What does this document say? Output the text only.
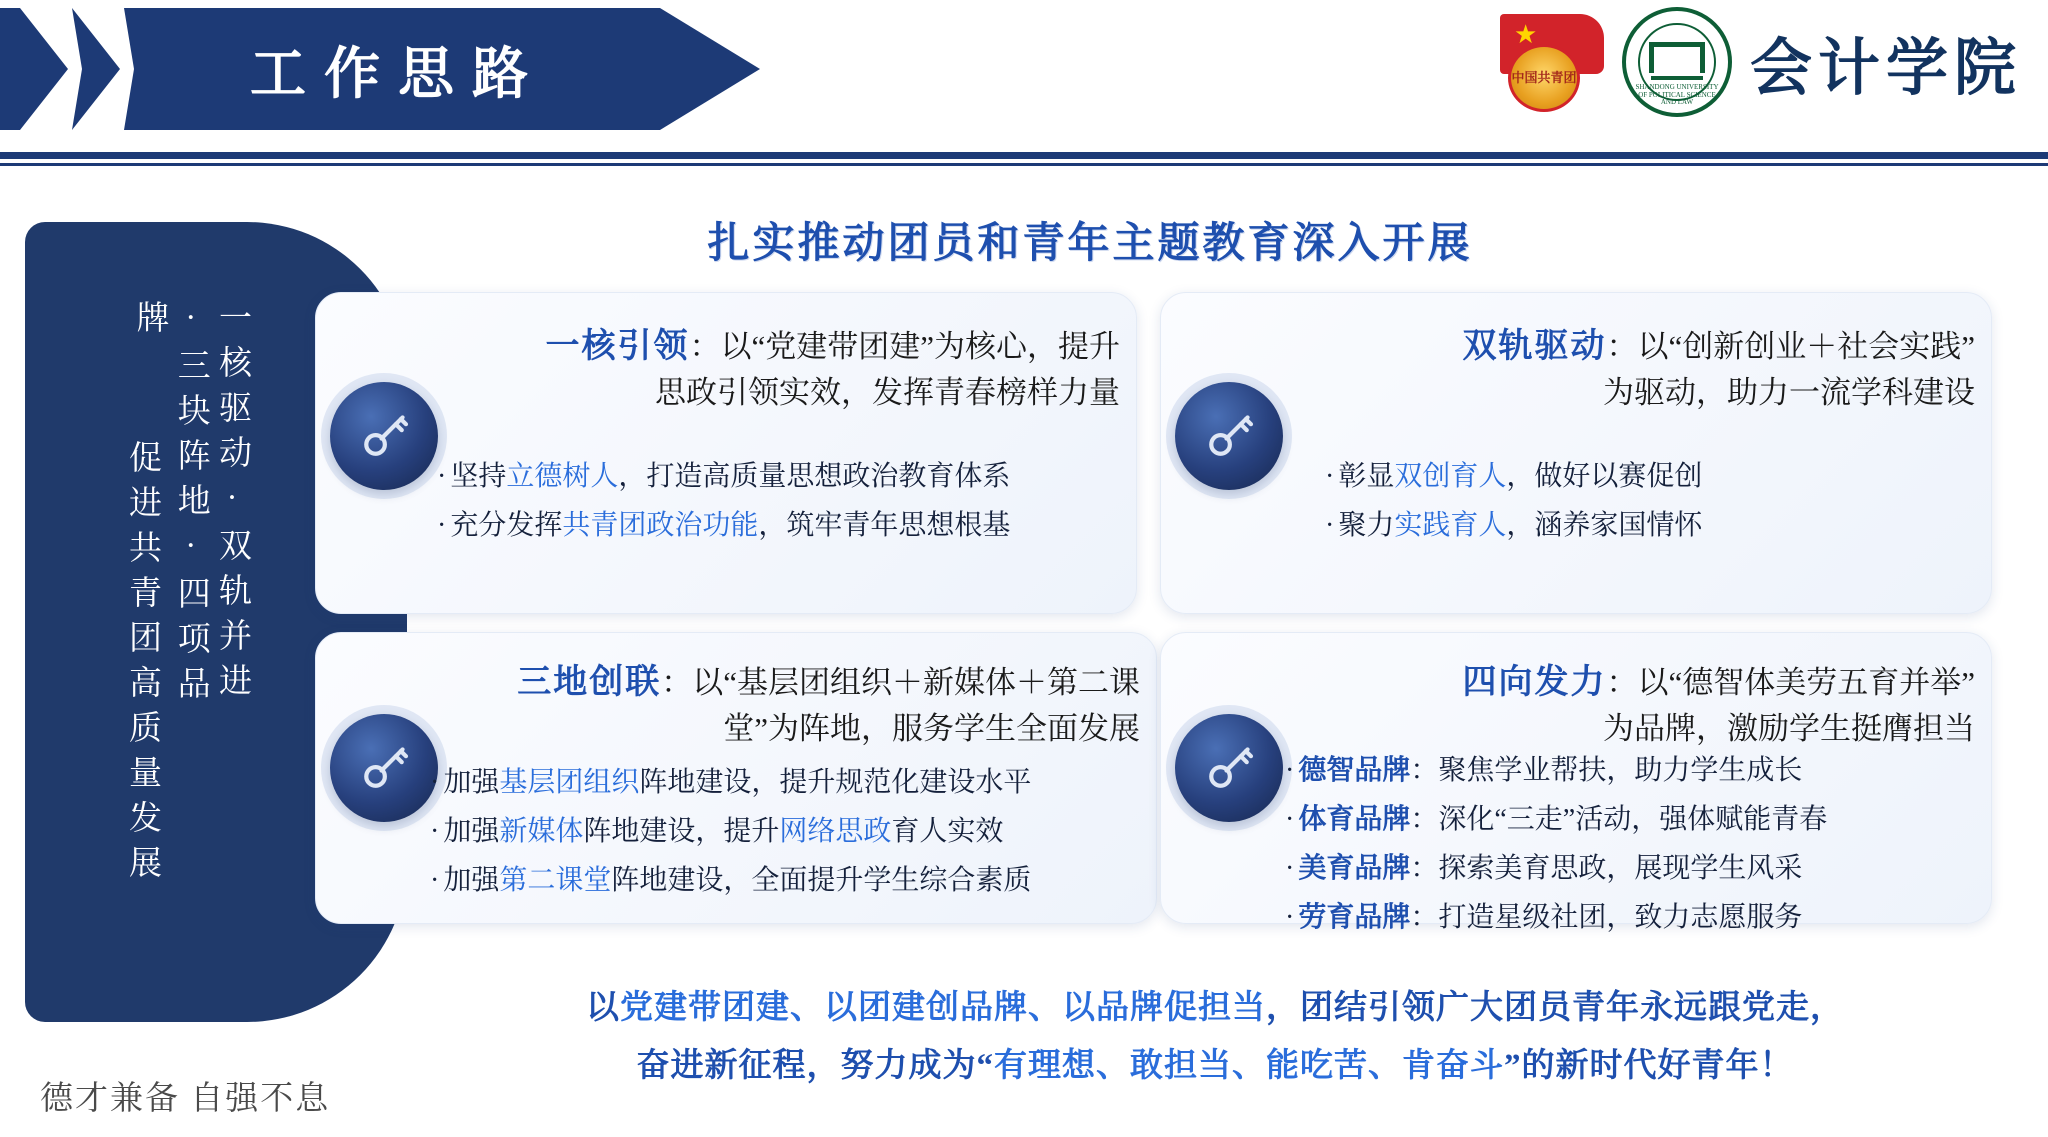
工作思路
★
中国共青团
SHANDONG UNIVERSITY OF POLITICAL SCIENCE AND LAW 会计学院
一核驱动·双轨并进·三块阵地·四项品牌
促进共青团高质量发展
扎实推动团员和青年主题教育深入开展
一核引领：以“党建带团建”为核心，提升
思政引领实效，发挥青春榜样力量
· 坚持立德树人，打造高质量思想政治教育体系
· 充分发挥共青团政治功能，筑牢青年思想根基
双轨驱动：以“创新创业＋社会实践”
为驱动，助力一流学科建设
· 彰显双创育人，做好以赛促创
· 聚力实践育人，涵养家国情怀
三地创联：以“基层团组织＋新媒体＋第二课
堂”为阵地，服务学生全面发展
· 加强基层团组织阵地建设，提升规范化建设水平
· 加强新媒体阵地建设，提升网络思政育人实效
· 加强第二课堂阵地建设，全面提升学生综合素质
四向发力：以“德智体美劳五育并举”
为品牌，激励学生挺膺担当
· 德智品牌：聚焦学业帮扶，助力学生成长
· 体育品牌：深化“三走”活动，强体赋能青春
· 美育品牌：探索美育思政，展现学生风采
· 劳育品牌：打造星级社团，致力志愿服务
以党建带团建、以团建创品牌、以品牌促担当，团结引领广大团员青年永远跟党走，
奋进新征程，努力成为“有理想、敢担当、能吃苦、肯奋斗”的新时代好青年！
德才兼备 自强不息
